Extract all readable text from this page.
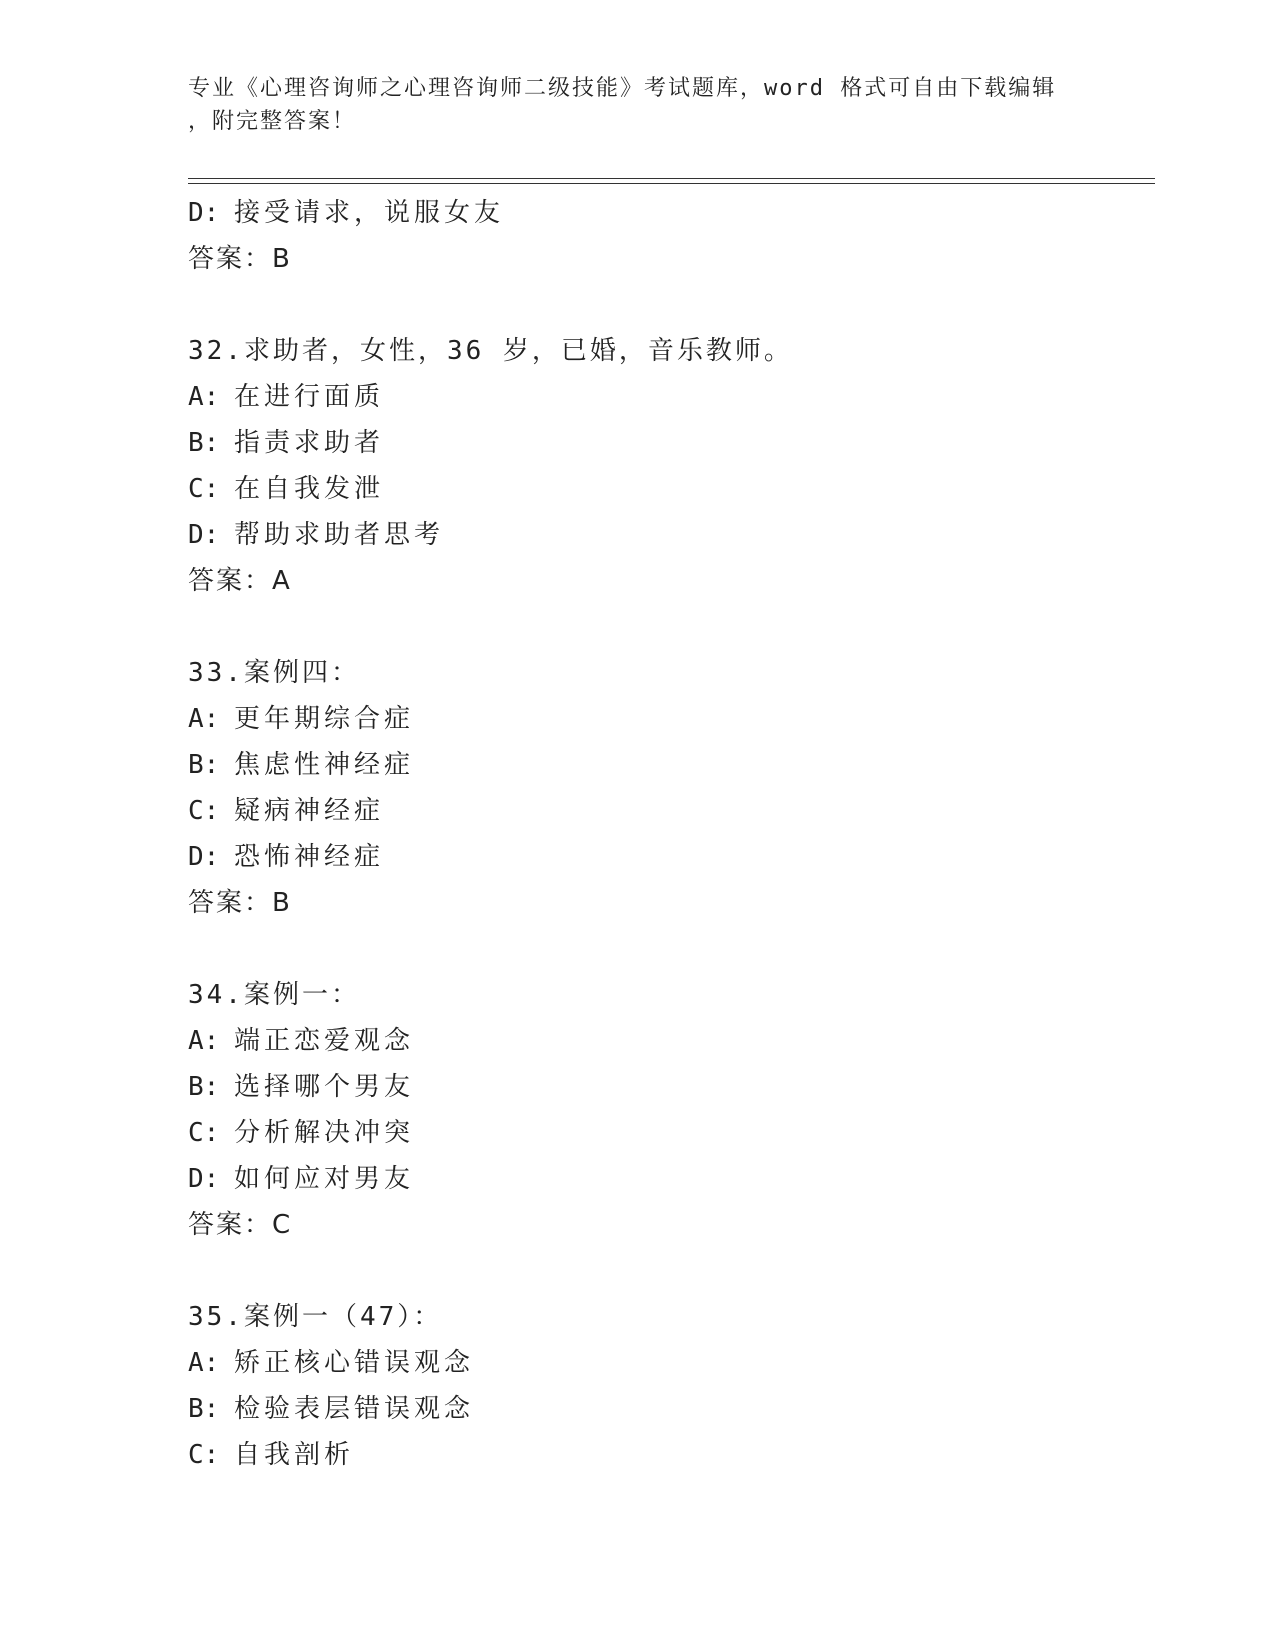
专业《心理咨询师之心理咨询师二级技能》考试题库，word 格式可自由下载编辑
，附完整答案！
D: 接受请求，说服女友
答案：B
32.求助者，女性，36 岁，已婚，音乐教师。
A: 在进行面质
B: 指责求助者
C: 在自我发泄
D: 帮助求助者思考
答案：A
33.案例四：
A: 更年期综合症
B: 焦虑性神经症
C: 疑病神经症
D: 恐怖神经症
答案：B
34.案例一：
A: 端正恋爱观念
B: 选择哪个男友
C: 分析解决冲突
D: 如何应对男友
答案：C
35.案例一（47）：
A: 矫正核心错误观念
B: 检验表层错误观念
C: 自我剖析
